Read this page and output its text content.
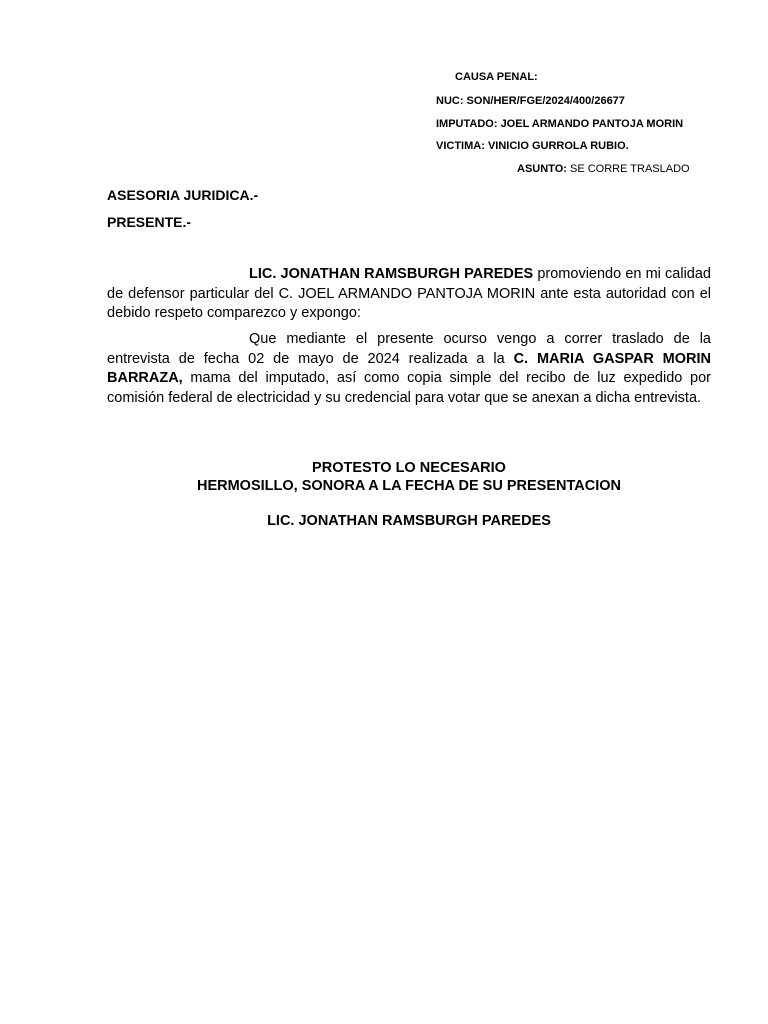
CAUSA PENAL:
NUC: SON/HER/FGE/2024/400/26677
IMPUTADO: JOEL ARMANDO PANTOJA MORIN
VICTIMA: VINICIO GURROLA RUBIO.
ASUNTO: SE CORRE TRASLADO
ASESORIA JURIDICA.-
PRESENTE.-
LIC. JONATHAN RAMSBURGH PAREDES promoviendo en mi calidad de defensor particular del C. JOEL ARMANDO PANTOJA MORIN ante esta autoridad con el debido respeto comparezco y expongo:
Que mediante el presente ocurso vengo a correr traslado de la entrevista de fecha 02 de mayo de 2024 realizada a la C. MARIA GASPAR MORIN BARRAZA, mama del imputado, así como copia simple del recibo de luz expedido por comisión federal de electricidad y su credencial para votar que se anexan a dicha entrevista.
PROTESTO LO NECESARIO
HERMOSILLO, SONORA A LA FECHA DE SU PRESENTACION
LIC. JONATHAN RAMSBURGH PAREDES
